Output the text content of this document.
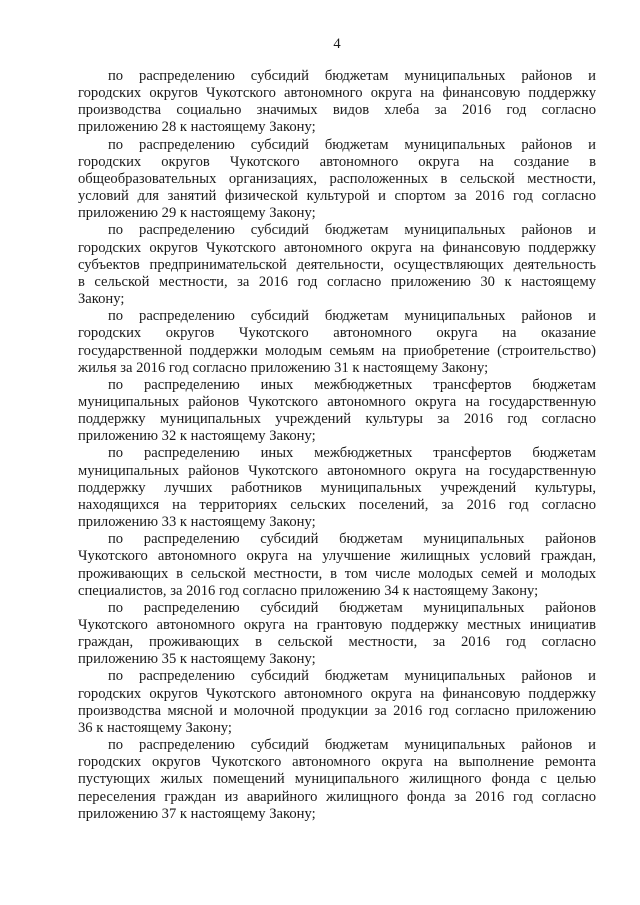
4
по распределению субсидий бюджетам муниципальных районов и
городских округов Чукотского автономного округа на финансовую поддержку
производства социально значимых видов хлеба за 2016 год согласно
приложению 28 к настоящему Закону;
по распределению субсидий бюджетам муниципальных районов и
городских округов Чукотского автономного округа на создание в
общеобразовательных организациях, расположенных в сельской местности,
условий для занятий физической культурой и спортом за 2016 год согласно
приложению 29 к настоящему Закону;
по распределению субсидий бюджетам муниципальных районов и
городских округов Чукотского автономного округа на финансовую поддержку
субъектов предпринимательской деятельности, осуществляющих деятельность
в сельской местности, за 2016 год согласно приложению 30 к настоящему
Закону;
по распределению субсидий бюджетам муниципальных районов и
городских округов Чукотского автономного округа на оказание
государственной поддержки молодым семьям на приобретение (строительство)
жилья за 2016 год согласно приложению 31 к настоящему Закону;
по распределению иных межбюджетных трансфертов бюджетам
муниципальных районов Чукотского автономного округа на государственную
поддержку муниципальных учреждений культуры за 2016 год согласно
приложению 32 к настоящему Закону;
по распределению иных межбюджетных трансфертов бюджетам
муниципальных районов Чукотского автономного округа на государственную
поддержку лучших работников муниципальных учреждений культуры,
находящихся на территориях сельских поселений, за 2016 год согласно
приложению 33 к настоящему Закону;
по распределению субсидий бюджетам муниципальных районов
Чукотского автономного округа на улучшение жилищных условий граждан,
проживающих в сельской местности, в том числе молодых семей и молодых
специалистов, за 2016 год согласно приложению 34 к настоящему Закону;
по распределению субсидий бюджетам муниципальных районов
Чукотского автономного округа на грантовую поддержку местных инициатив
граждан, проживающих в сельской местности, за 2016 год согласно
приложению 35 к настоящему Закону;
по распределению субсидий бюджетам муниципальных районов и
городских округов Чукотского автономного округа на финансовую поддержку
производства мясной и молочной продукции за 2016 год согласно приложению
36 к настоящему Закону;
по распределению субсидий бюджетам муниципальных районов и
городских округов Чукотского автономного округа на выполнение ремонта
пустующих жилых помещений муниципального жилищного фонда с целью
переселения граждан из аварийного жилищного фонда за 2016 год согласно
приложению 37 к настоящему Закону;
